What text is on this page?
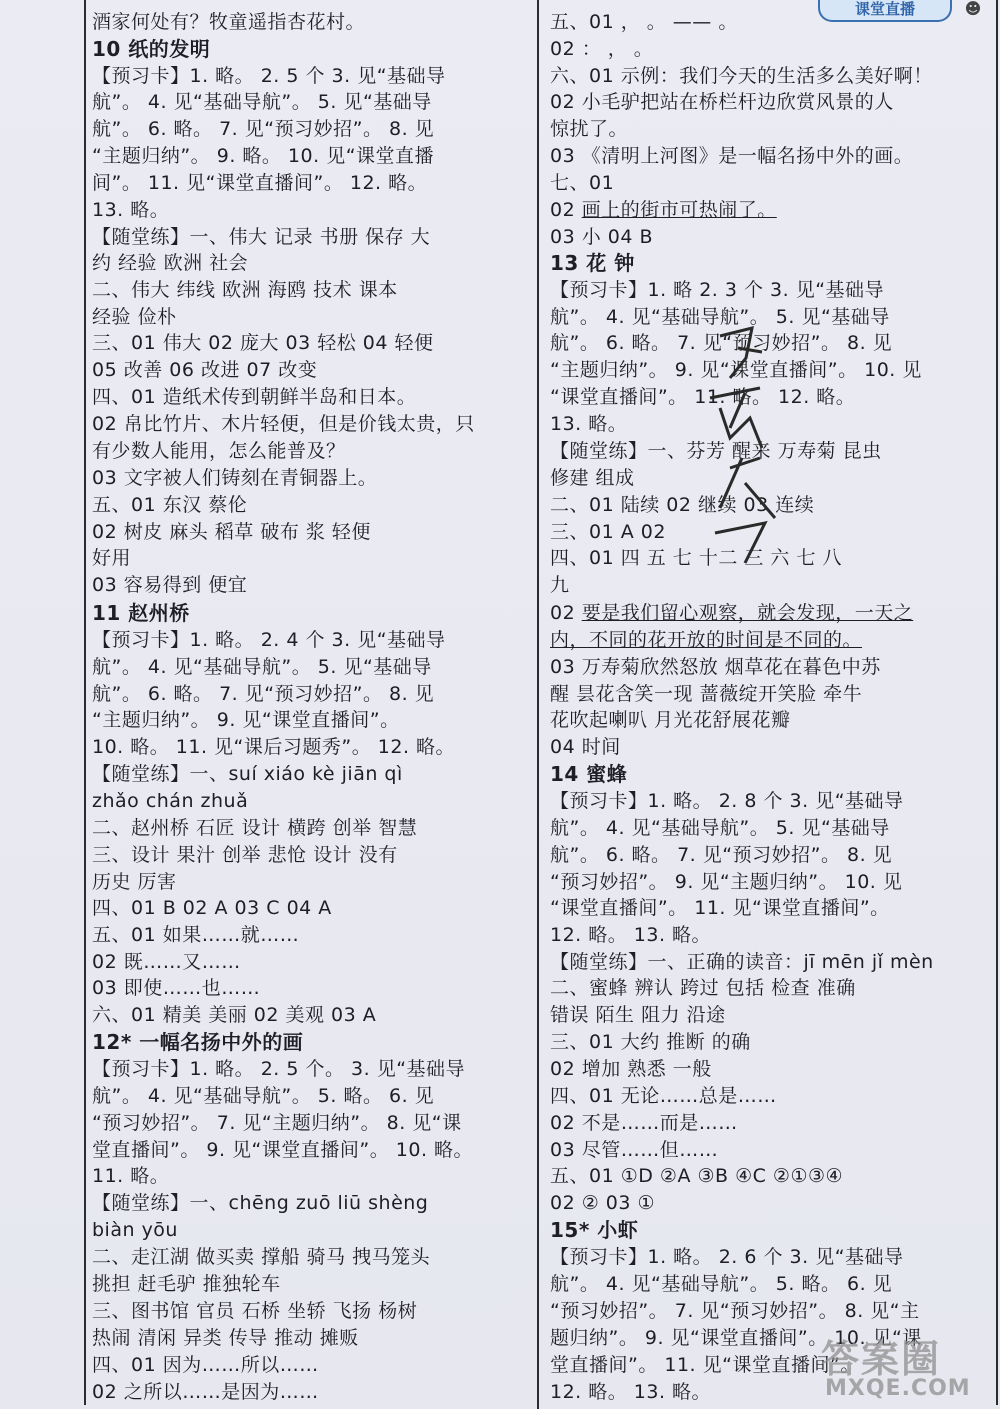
课堂直播	☻
酒家何处有？牧童遥指杏花村。
10 纸的发明
【预习卡】1. 略。 2. 5 个 3. 见“基础导
航”。 4. 见“基础导航”。 5. 见“基础导
航”。 6. 略。 7. 见“预习妙招”。 8. 见
“主题归纳”。 9. 略。 10. 见“课堂直播
间”。 11. 见“课堂直播间”。 12. 略。
13. 略。
【随堂练】一、伟大 记录 书册 保存 大
约 经验 欧洲 社会
二、伟大 纬线 欧洲 海鸥 技术 课本
经验 俭朴
三、01 伟大 02 庞大 03 轻松 04 轻便
05 改善 06 改进 07 改变
四、01 造纸术传到朝鲜半岛和日本。
02 帛比竹片、木片轻便，但是价钱太贵，只
有少数人能用，怎么能普及？
03 文字被人们铸刻在青铜器上。
五、01 东汉 蔡伦
02 树皮 麻头 稻草 破布 浆 轻便
好用
03 容易得到 便宜
11 赵州桥
【预习卡】1. 略。 2. 4 个 3. 见“基础导
航”。 4. 见“基础导航”。 5. 见“基础导
航”。 6. 略。 7. 见“预习妙招”。 8. 见
“主题归纳”。 9. 见“课堂直播间”。
10. 略。 11. 见“课后习题秀”。 12. 略。
【随堂练】一、suí xiáo kè jiān qì
zhǎo chán zhuǎ
二、赵州桥 石匠 设计 横跨 创举 智慧
三、设计 果汁 创举 悲怆 设计 没有
历史 厉害
四、01 B 02 A 03 C 04 A
五、01 如果……就……
02 既……又……
03 即使……也……
六、01 精美 美丽 02 美观 03 A
12* 一幅名扬中外的画
【预习卡】1. 略。 2. 5 个。 3. 见“基础导
航”。 4. 见“基础导航”。 5. 略。 6. 见
“预习妙招”。 7. 见“主题归纳”。 8. 见“课
堂直播间”。 9. 见“课堂直播间”。 10. 略。
11. 略。
【随堂练】一、chēng zuō liū shèng
biàn yōu
二、走江湖 做买卖 撑船 骑马 拽马笼头
挑担 赶毛驴 推独轮车
三、图书馆 官员 石桥 坐轿 飞扬 杨树
热闹 清闲 异类 传导 推动 摊贩
四、01 因为……所以……
02 之所以……是因为……
五、01 ， 。 —— 。
02 ： ， 。
六、01 示例：我们今天的生活多么美好啊！
02 小毛驴把站在桥栏杆边欣赏风景的人
惊扰了。
03 《清明上河图》是一幅名扬中外的画。
七、01
02 画上的街市可热闹了。
03 小 04 B
13 花 钟
【预习卡】1. 略 2. 3 个 3. 见“基础导
航”。 4. 见“基础导航”。 5. 见“基础导
航”。 6. 略。 7. 见“预习妙招”。 8. 见
“主题归纳”。 9. 见“课堂直播间”。 10. 见
“课堂直播间”。 11. 略。 12. 略。
13. 略。
【随堂练】一、芬芳 醒来 万寿菊 昆虫
修建 组成
二、01 陆续 02 继续 03 连续
三、01 A 02
四、01 四 五 七 十二 三 六 七 八
九
02 要是我们留心观察，就会发现，一天之
内，不同的花开放的时间是不同的。
03 万寿菊欣然怒放 烟草花在暮色中苏
醒 昙花含笑一现 蔷薇绽开笑脸 牵牛
花吹起喇叭 月光花舒展花瓣
04 时间
14 蜜蜂
【预习卡】1. 略。 2. 8 个 3. 见“基础导
航”。 4. 见“基础导航”。 5. 见“基础导
航”。 6. 略。 7. 见“预习妙招”。 8. 见
“预习妙招”。 9. 见“主题归纳”。 10. 见
“课堂直播间”。 11. 见“课堂直播间”。
12. 略。 13. 略。
【随堂练】一、正确的读音：jī mēn jǐ mèn
二、蜜蜂 辨认 跨过 包括 检查 准确
错误 陌生 阻力 沿途
三、01 大约 推断 的确
02 增加 熟悉 一般
四、01 无论……总是……
02 不是……而是……
03 尽管……但……
五、01 ①D ②A ③B ④C ②①③④
02 ② 03 ①
15* 小虾
【预习卡】1. 略。 2. 6 个 3. 见“基础导
航”。 4. 见“基础导航”。 5. 略。 6. 见
“预习妙招”。 7. 见“预习妙招”。 8. 见“主
题归纳”。 9. 见“课堂直播间”。 10. 见“课
堂直播间”。 11. 见“课堂直播间”。
12. 略。 13. 略。
答案圈
MXQE.COM
